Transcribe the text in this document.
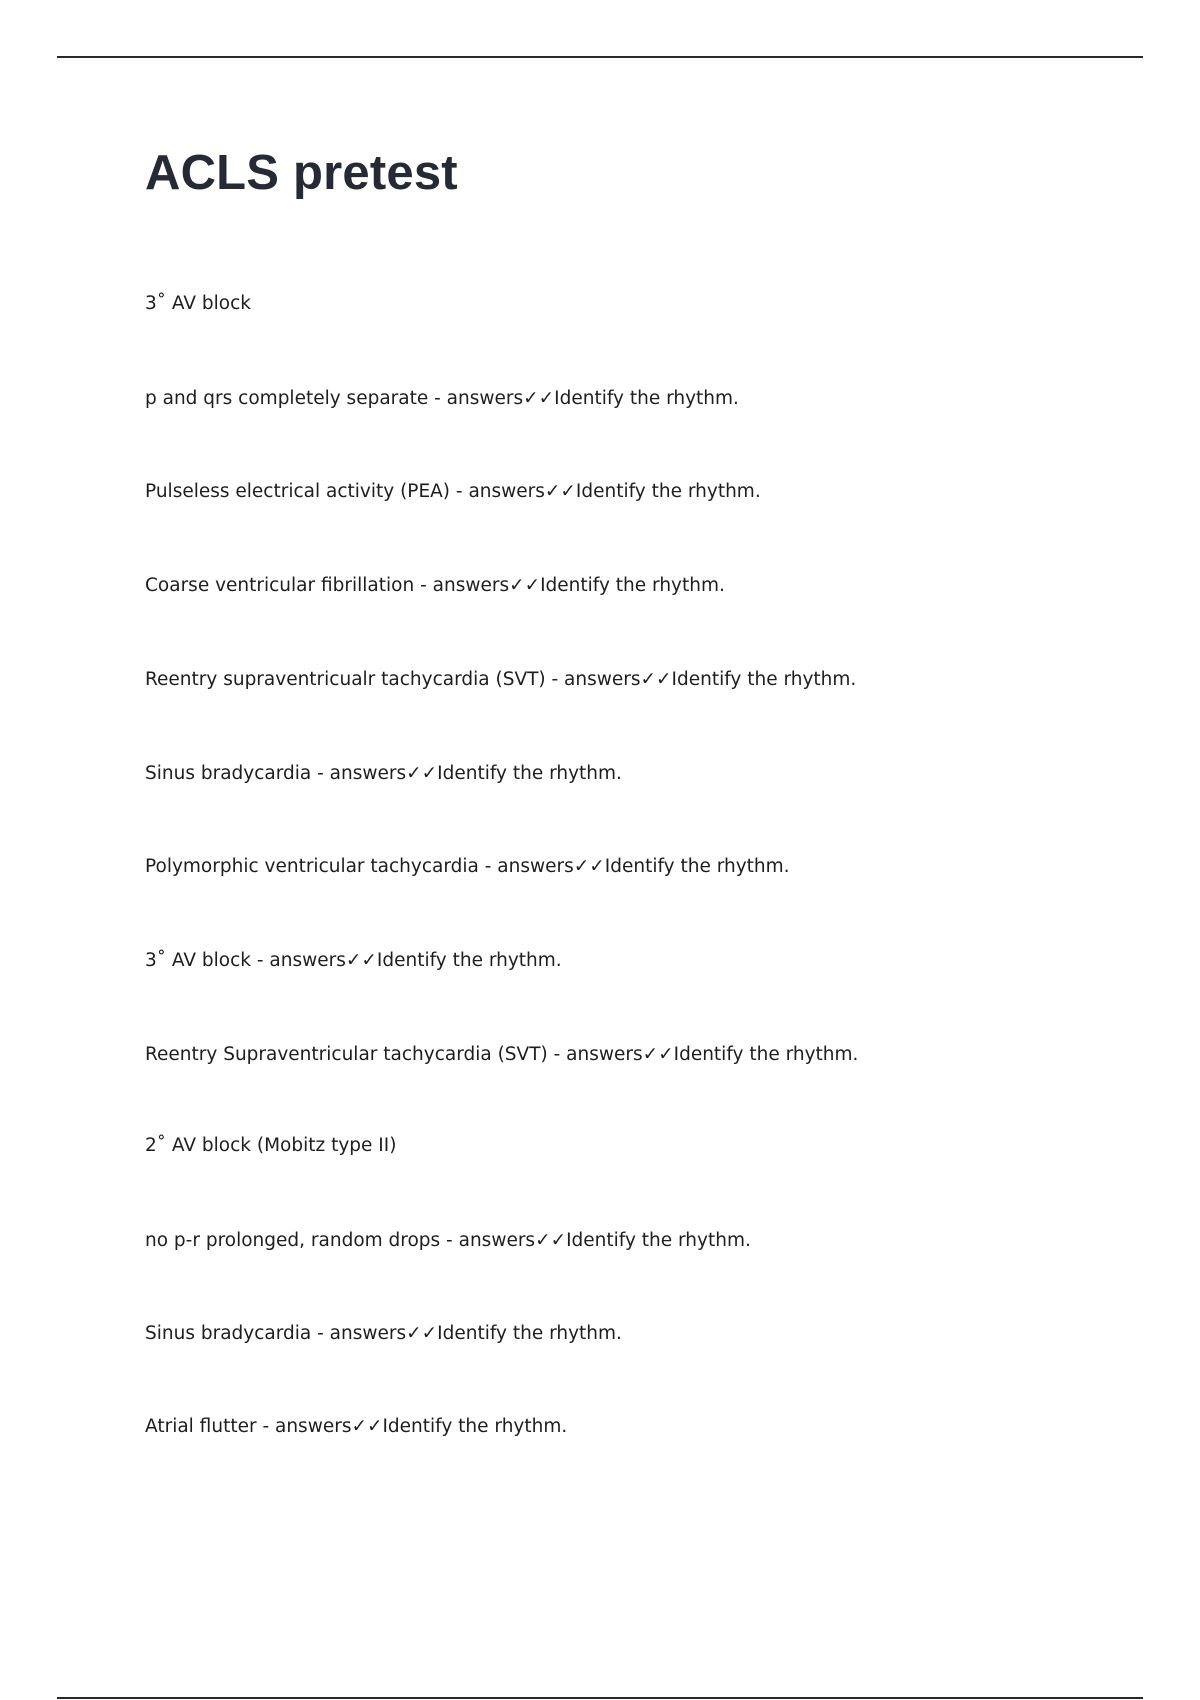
ACLS pretest

3˚ AV block

p and qrs completely separate - answers✓✓Identify the rhythm.

Pulseless electrical activity (PEA) - answers✓✓Identify the rhythm.

Coarse ventricular fibrillation - answers✓✓Identify the rhythm.

Reentry supraventricualr tachycardia (SVT) - answers✓✓Identify the rhythm.

Sinus bradycardia - answers✓✓Identify the rhythm.

Polymorphic ventricular tachycardia - answers✓✓Identify the rhythm.

3˚ AV block - answers✓✓Identify the rhythm.

Reentry Supraventricular tachycardia (SVT) - answers✓✓Identify the rhythm.

2˚ AV block (Mobitz type II)

no p-r prolonged, random drops - answers✓✓Identify the rhythm.

Sinus bradycardia - answers✓✓Identify the rhythm.

Atrial flutter - answers✓✓Identify the rhythm.
